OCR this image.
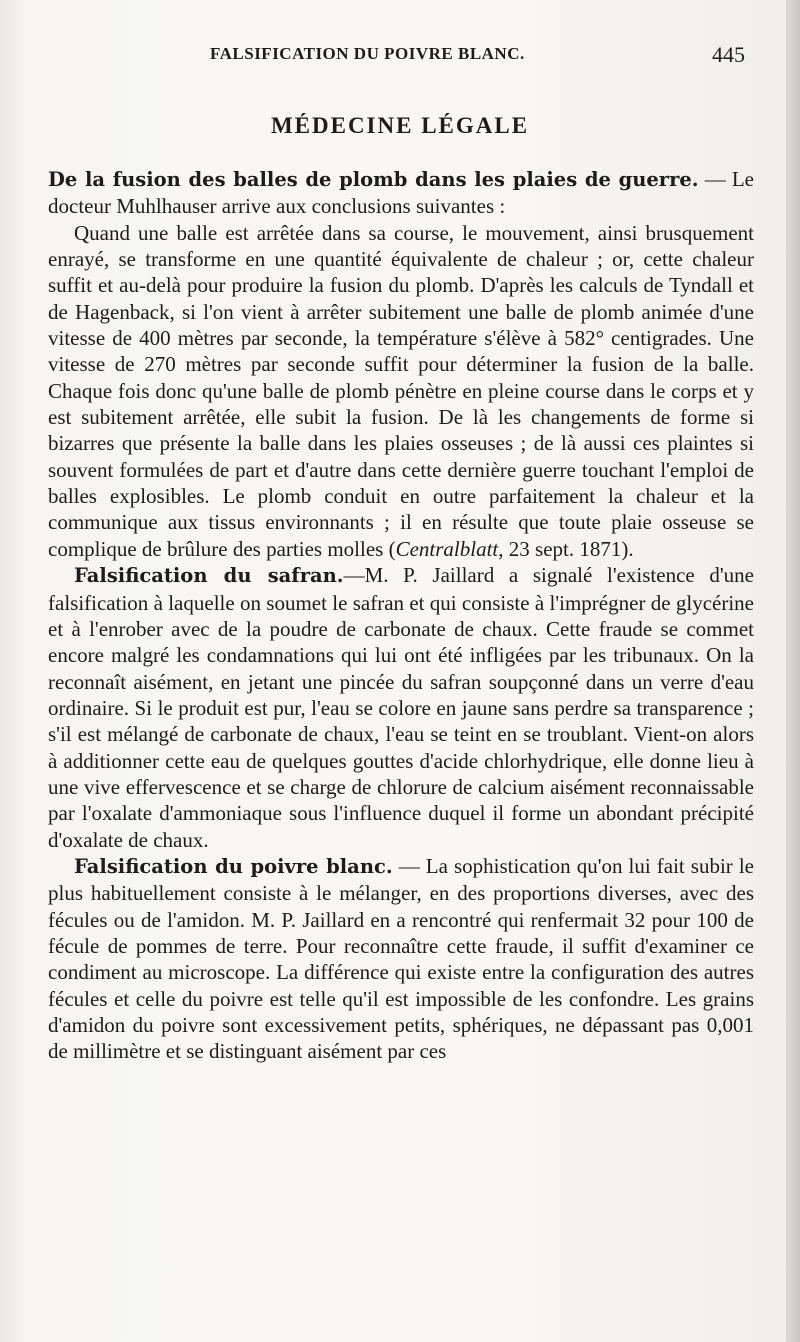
FALSIFICATION DU POIVRE BLANC.	445
MÉDECINE LÉGALE

De la fusion des balles de plomb dans les plaies de guerre. — Le docteur Muhlhauser arrive aux conclusions suivantes :

Quand une balle est arrêtée dans sa course, le mouvement, ainsi brusquement enrayé, se transforme en une quantité équivalente de chaleur ; or, cette chaleur suffit et au-delà pour produire la fusion du plomb. D'après les calculs de Tyndall et de Hagenback, si l'on vient à arrêter subitement une balle de plomb animée d'une vitesse de 400 mètres par seconde, la température s'élève à 582° centigrades. Une vitesse de 270 mètres par seconde suffit pour déterminer la fusion de la balle. Chaque fois donc qu'une balle de plomb pénètre en pleine course dans le corps et y est subitement arrêtée, elle subit la fusion. De là les changements de forme si bizarres que présente la balle dans les plaies osseuses ; de là aussi ces plaintes si souvent formulées de part et d'autre dans cette dernière guerre touchant l'emploi de balles explosibles. Le plomb conduit en outre parfaitement la chaleur et la communique aux tissus environnants ; il en résulte que toute plaie osseuse se complique de brûlure des parties molles (Centralblatt, 23 sept. 1871).

Falsification du safran.—M. P. Jaillard a signalé l'existence d'une falsification à laquelle on soumet le safran et qui consiste à l'imprégner de glycérine et à l'enrober avec de la poudre de carbonate de chaux. Cette fraude se commet encore malgré les condamnations qui lui ont été infligées par les tribunaux. On la reconnaît aisément, en jetant une pincée du safran soupçonné dans un verre d'eau ordinaire. Si le produit est pur, l'eau se colore en jaune sans perdre sa transparence ; s'il est mélangé de carbonate de chaux, l'eau se teint en se troublant. Vient-on alors à additionner cette eau de quelques gouttes d'acide chlorhydrique, elle donne lieu à une vive effervescence et se charge de chlorure de calcium aisément reconnaissable par l'oxalate d'ammoniaque sous l'influence duquel il forme un abondant précipité d'oxalate de chaux.

Falsification du poivre blanc. — La sophistication qu'on lui fait subir le plus habituellement consiste à le mélanger, en des proportions diverses, avec des fécules ou de l'amidon. M. P. Jaillard en a rencontré qui renfermait 32 pour 100 de fécule de pommes de terre. Pour reconnaître cette fraude, il suffit d'examiner ce condiment au microscope. La différence qui existe entre la configuration des autres fécules et celle du poivre est telle qu'il est impossible de les confondre. Les grains d'amidon du poivre sont excessivement petits, sphériques, ne dépassant pas 0,001 de millimètre et se distinguant aisément par ces
